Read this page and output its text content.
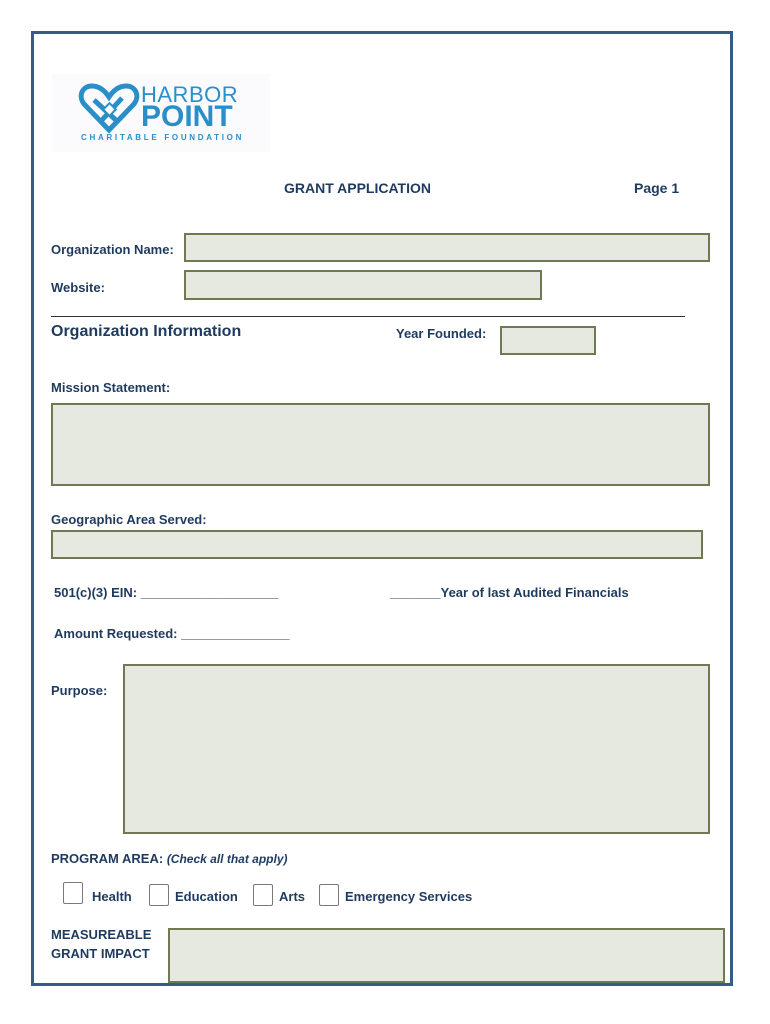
HARBOR
POINT
CHARITABLE FOUNDATION
GRANT APPLICATION	Page 1
Organization Name:
Website:
Organization Information	Year Founded:
Mission Statement:
Geographic Area Served:
501(c)(3) EIN: ___________________	_______Year of last Audited Financials
Amount Requested: _______________
Purpose:
PROGRAM AREA: (Check all that apply)
Health	Education	Arts	Emergency Services
MEASUREABLE
GRANT IMPACT
